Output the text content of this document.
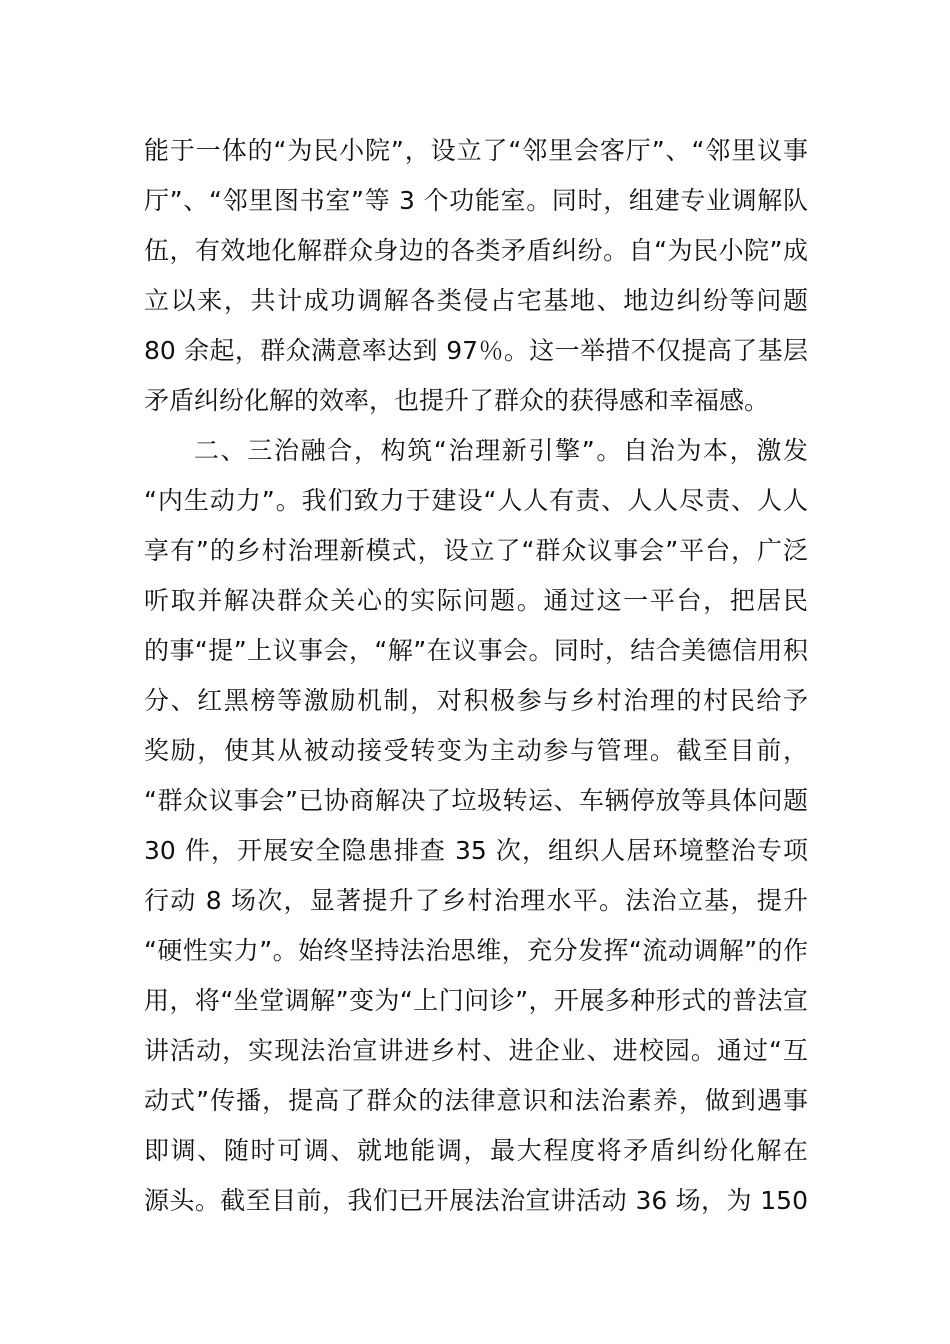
能于一体的“为民小院”，设立了“邻里会客厅”、“邻里议事
厅”、“邻里图书室”等 3 个功能室。同时，组建专业调解队
伍，有效地化解群众身边的各类矛盾纠纷。自“为民小院”成
立以来，共计成功调解各类侵占宅基地、地边纠纷等问题
80 余起，群众满意率达到 97％。这一举措不仅提高了基层
矛盾纠纷化解的效率，也提升了群众的获得感和幸福感。
二、三治融合，构筑“治理新引擎”。自治为本，激发
“内生动力”。我们致力于建设“人人有责、人人尽责、人人
享有”的乡村治理新模式，设立了“群众议事会”平台，广泛
听取并解决群众关心的实际问题。通过这一平台，把居民
的事“提”上议事会，“解”在议事会。同时，结合美德信用积
分、红黑榜等激励机制，对积极参与乡村治理的村民给予
奖励，使其从被动接受转变为主动参与管理。截至目前，
“群众议事会”已协商解决了垃圾转运、车辆停放等具体问题
30 件，开展安全隐患排查 35 次，组织人居环境整治专项
行动 8 场次，显著提升了乡村治理水平。法治立基，提升
“硬性实力”。始终坚持法治思维，充分发挥“流动调解”的作
用，将“坐堂调解”变为“上门问诊”，开展多种形式的普法宣
讲活动，实现法治宣讲进乡村、进企业、进校园。通过“互
动式”传播，提高了群众的法律意识和法治素养，做到遇事
即调、随时可调、就地能调，最大程度将矛盾纠纷化解在
源头。截至目前，我们已开展法治宣讲活动 36 场，为 150
